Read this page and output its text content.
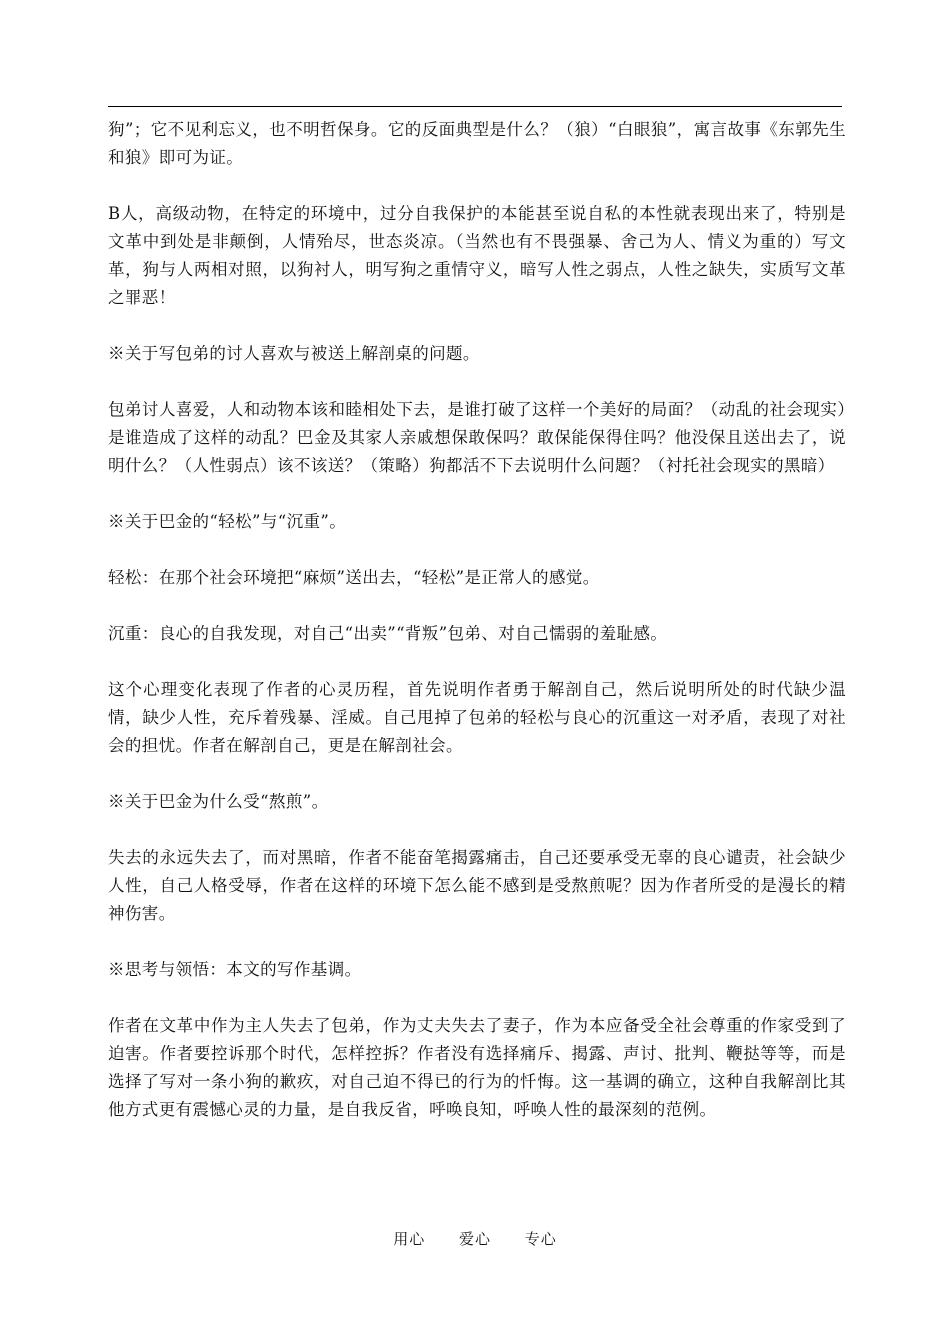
狗”；它不见利忘义，也不明哲保身。它的反面典型是什么？（狼）“白眼狼”，寓言故事《东郭先生和狼》即可为证。

B人，高级动物，在特定的环境中，过分自我保护的本能甚至说自私的本性就表现出来了，特别是文革中到处是非颠倒，人情殆尽，世态炎凉。（当然也有不畏强暴、舍己为人、情义为重的）写文革，狗与人两相对照，以狗衬人，明写狗之重情守义，暗写人性之弱点，人性之缺失，实质写文革之罪恶！

※关于写包弟的讨人喜欢与被送上解剖桌的问题。

包弟讨人喜爱，人和动物本该和睦相处下去，是谁打破了这样一个美好的局面？（动乱的社会现实）是谁造成了这样的动乱？巴金及其家人亲戚想保敢保吗？敢保能保得住吗？他没保且送出去了，说明什么？（人性弱点）该不该送？（策略）狗都活不下去说明什么问题？（衬托社会现实的黑暗）

※关于巴金的“轻松”与“沉重”。

轻松：在那个社会环境把“麻烦”送出去，“轻松”是正常人的感觉。

沉重：良心的自我发现，对自己“出卖”“背叛”包弟、对自己懦弱的羞耻感。

这个心理变化表现了作者的心灵历程，首先说明作者勇于解剖自己，然后说明所处的时代缺少温情，缺少人性，充斥着残暴、淫威。自己甩掉了包弟的轻松与良心的沉重这一对矛盾，表现了对社会的担忧。作者在解剖自己，更是在解剖社会。

※关于巴金为什么受“熬煎”。

失去的永远失去了，而对黑暗，作者不能奋笔揭露痛击，自己还要承受无辜的良心谴责，社会缺少人性，自己人格受辱，作者在这样的环境下怎么能不感到是受熬煎呢？因为作者所受的是漫长的精神伤害。

※思考与领悟：本文的写作基调。

作者在文革中作为主人失去了包弟，作为丈夫失去了妻子，作为本应备受全社会尊重的作家受到了迫害。作者要控诉那个时代，怎样控拆？作者没有选择痛斥、揭露、声讨、批判、鞭挞等等，而是选择了写对一条小狗的歉疚，对自己迫不得已的行为的忏悔。这一基调的确立，这种自我解剖比其他方式更有震憾心灵的力量，是自我反省，呼唤良知，呼唤人性的最深刻的范例。

用心 爱心 专心
